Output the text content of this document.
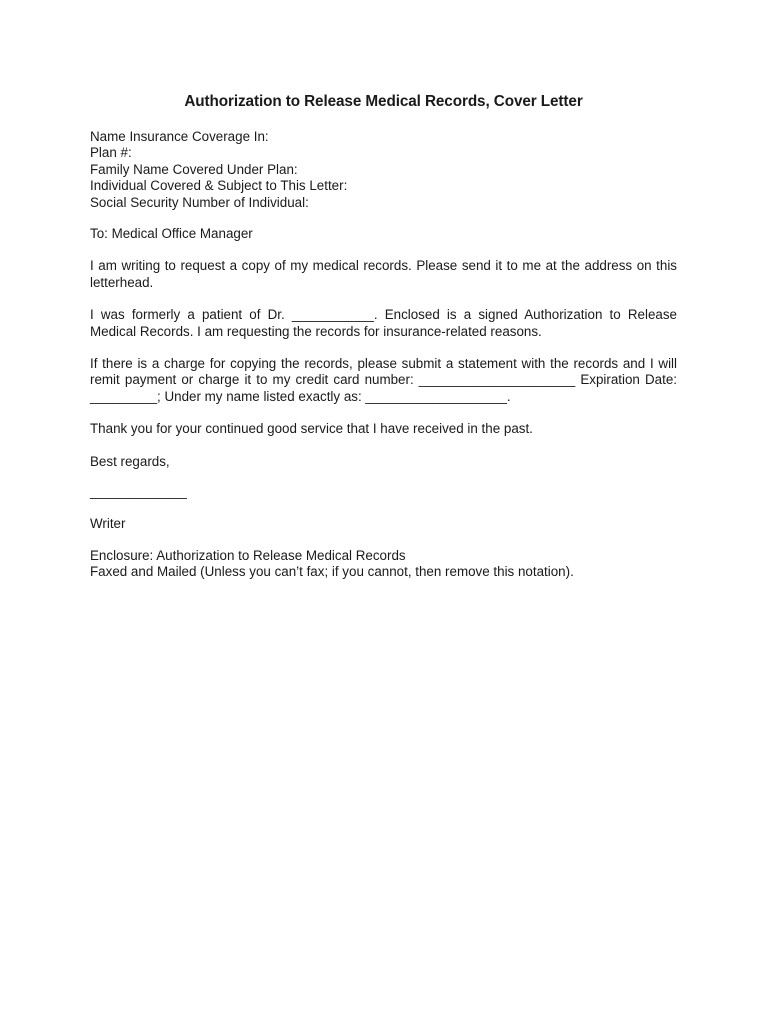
Authorization to Release Medical Records, Cover Letter
Name Insurance Coverage In:
Plan #:
Family Name Covered Under Plan:
Individual Covered & Subject to This Letter:
Social Security Number of Individual:
To: Medical Office Manager
I am writing to request a copy of my medical records. Please send it to me at the address on this letterhead.
I was formerly a patient of Dr. ___________. Enclosed is a signed Authorization to Release Medical Records. I am requesting the records for insurance-related reasons.
If there is a charge for copying the records, please submit a statement with the records and I will remit payment or charge it to my credit card number: _____________________ Expiration Date: _________; Under my name listed exactly as: ___________________.
Thank you for your continued good service that I have received in the past.
Best regards,
_____________
Writer
Enclosure: Authorization to Release Medical Records
Faxed and Mailed (Unless you can’t fax; if you cannot, then remove this notation).
